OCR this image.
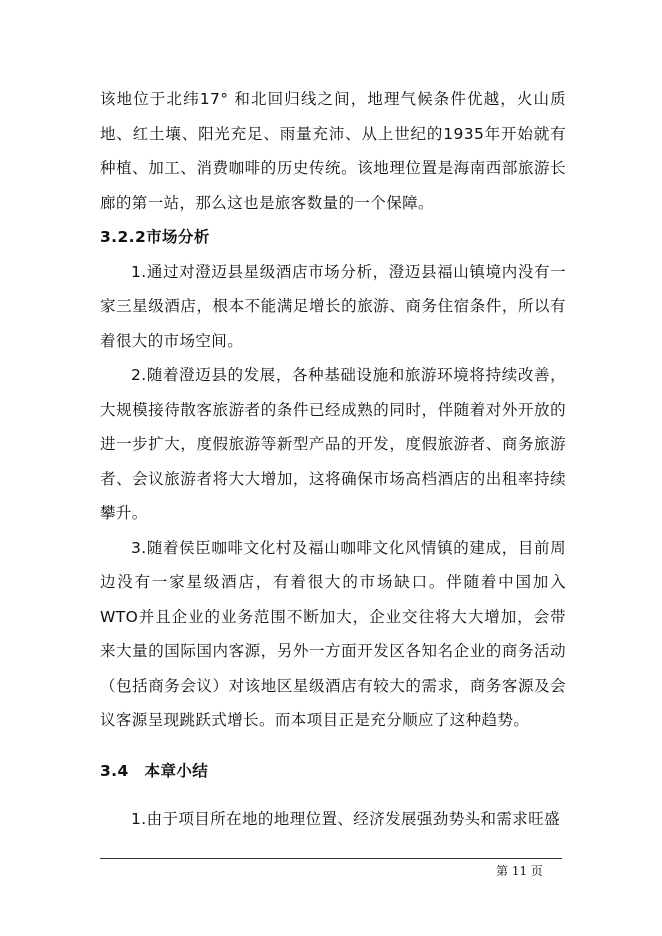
该地位于北纬17° 和北回归线之间，地理气候条件优越，火山质地、红土壤、阳光充足、雨量充沛、从上世纪的1935年开始就有种植、加工、消费咖啡的历史传统。该地理位置是海南西部旅游长廊的第一站，那么这也是旅客数量的一个保障。

3.2.2市场分析

1.通过对澄迈县星级酒店市场分析，澄迈县福山镇境内没有一家三星级酒店，根本不能满足增长的旅游、商务住宿条件，所以有着很大的市场空间。

2.随着澄迈县的发展，各种基础设施和旅游环境将持续改善，大规模接待散客旅游者的条件已经成熟的同时，伴随着对外开放的进一步扩大，度假旅游等新型产品的开发，度假旅游者、商务旅游者、会议旅游者将大大增加，这将确保市场高档酒店的出租率持续攀升。

3.随着侯臣咖啡文化村及福山咖啡文化风情镇的建成，目前周边没有一家星级酒店，有着很大的市场缺口。伴随着中国加入WTO并且企业的业务范围不断加大，企业交往将大大增加，会带来大量的国际国内客源，另外一方面开发区各知名企业的商务活动（包括商务会议）对该地区星级酒店有较大的需求，商务客源及会议客源呈现跳跃式增长。而本项目正是充分顺应了这种趋势。

3.4　本章小结

1.由于项目所在地的地理位置、经济发展强劲势头和需求旺盛

第 11 页
